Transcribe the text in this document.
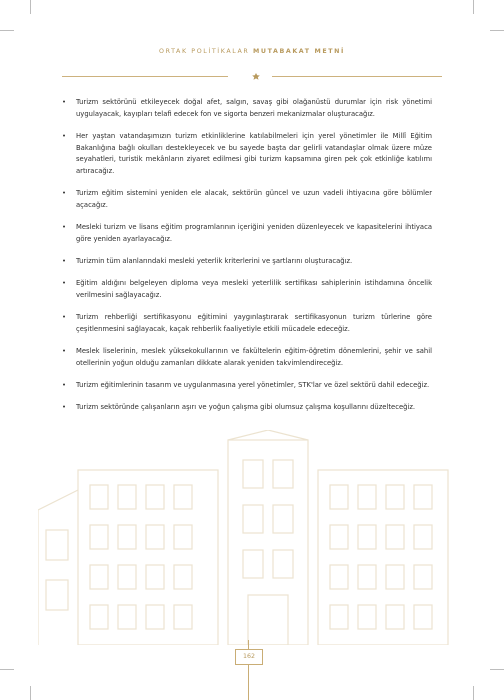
ORTAK POLİTİKALAR MUTABAKAT METNİ
• Turizm sektörünü etkileyecek doğal afet, salgın, savaş gibi olağanüstü durumlar için risk yönetimi uygulayacak, kayıpları telafi edecek fon ve sigorta benzeri mekanizmalar oluşturacağız.
• Her yaştan vatandaşımızın turizm etkinliklerine katılabilmeleri için yerel yönetimler ile Millî Eğitim Bakanlığına bağlı okulları destekleyecek ve bu sayede başta dar gelirli vatandaşlar olmak üzere müze seyahatleri, turistik mekânların ziyaret edilmesi gibi turizm kapsamına giren pek çok etkinliğe katılımı artıracağız.
• Turizm eğitim sistemini yeniden ele alacak, sektörün güncel ve uzun vadeli ihtiyacına göre bölümler açacağız.
• Mesleki turizm ve lisans eğitim programlarının içeriğini yeniden düzenleyecek ve kapasitelerini ihtiyaca göre yeniden ayarlayacağız.
• Turizmin tüm alanlarındaki mesleki yeterlik kriterlerini ve şartlarını oluşturacağız.
• Eğitim aldığını belgeleyen diploma veya mesleki yeterlilik sertifikası sahiplerinin istihdamına öncelik verilmesini sağlayacağız.
• Turizm rehberliği sertifikasyonu eğitimini yaygınlaştırarak sertifikasyonun turizm türlerine göre çeşitlenmesini sağlayacak, kaçak rehberlik faaliyetiyle etkili mücadele edeceğiz.
• Meslek liselerinin, meslek yüksekokullarının ve fakültelerin eğitim-öğretim dönemlerini, şehir ve sahil otellerinin yoğun olduğu zamanları dikkate alarak yeniden takvimlendireceğiz.
• Turizm eğitimlerinin tasarım ve uygulanmasına yerel yönetimler, STK'lar ve özel sektörü dahil edeceğiz.
• Turizm sektöründe çalışanların aşırı ve yoğun çalışma gibi olumsuz çalışma koşullarını düzelteceğiz.
162
